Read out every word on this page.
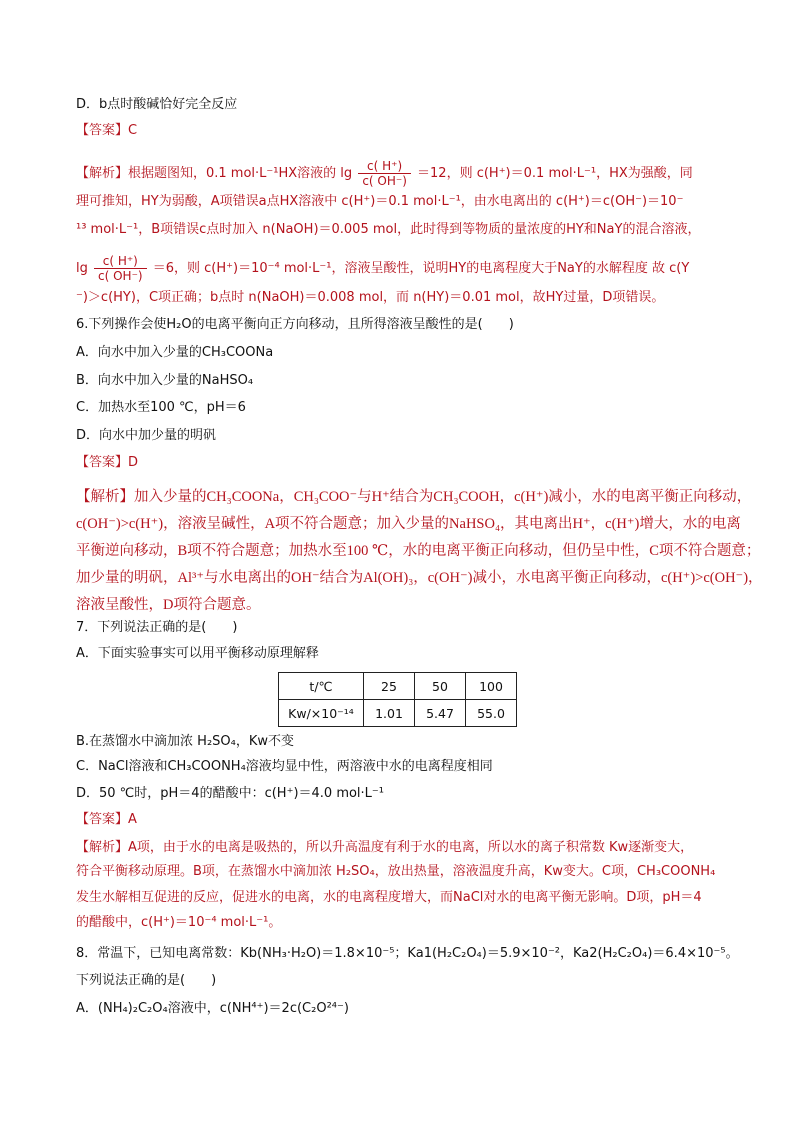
D．b点时酸碱恰好完全反应
【答案】C
【解析】根据题图知，0.1 mol·L⁻¹HX溶液的 $\lg \frac{c( H^+)}{c( OH^-)} =12$，则 c(H⁺)＝0.1 mol·L⁻¹，HX为强酸，同
理可推知，HY为弱酸，A项错误a点HX溶液中 c(H⁺)＝0.1 mol·L⁻¹，由水电离出的 c(H⁺)＝c(OH⁻)＝10⁻
¹³ mol·L⁻¹，B项错误c点时加入 n(NaOH)＝0.005 mol，此时得到等物质的量浓度的HY和NaY的混合溶液，
$\lg \frac{c( H^+)}{c( OH^-)} =6$，则 c(H⁺)＝10⁻⁴ mol·L⁻¹，溶液呈酸性，说明HY的电离程度大于NaY的水解程度 故 c(Y
⁻)＞c(HY)，C项正确；b点时 n(NaOH)＝0.008 mol，而 n(HY)＝0.01 mol，故HY过量，D项错误。
6.下列操作会使H₂O的电离平衡向正方向移动，且所得溶液呈酸性的是(　　)
A．向水中加入少量的CH₃COONa
B．向水中加入少量的NaHSO₄
C．加热水至100 ℃，pH＝6
D．向水中加少量的明矾
【答案】D
【解析】加入少量的CH₃COONa，CH₃COO⁻与H⁺结合为CH₃COOH，c(H⁺)减小，水的电离平衡正向移动，
c(OH⁻)>c(H⁺)，溶液呈碱性，A项不符合题意；加入少量的NaHSO₄，其电离出H⁺，c(H⁺)增大，水的电离
平衡逆向移动，B项不符合题意；加热水至100 ℃，水的电离平衡正向移动，但仍呈中性，C项不符合题意；
加少量的明矾，Al³⁺与水电离出的OH⁻结合为Al(OH)₃，c(OH⁻)减小，水电离平衡正向移动，c(H⁺)>c(OH⁻)，
溶液呈酸性，D项符合题意。
7．下列说法正确的是(　　)
A．下面实验事实可以用平衡移动原理解释
t/℃	25	50	100
Kw/×10⁻¹⁴	1.01	5.47	55.0
B.在蒸馏水中滴加浓 H₂SO₄，Kw不变
C．NaCl溶液和CH₃COONH₄溶液均显中性，两溶液中水的电离程度相同
D．50 ℃时，pH＝4的醋酸中：c(H⁺)＝4.0 mol·L⁻¹
【答案】A
【解析】A项，由于水的电离是吸热的，所以升高温度有利于水的电离，所以水的离子积常数 Kw逐渐变大，
符合平衡移动原理。B项，在蒸馏水中滴加浓 H₂SO₄，放出热量，溶液温度升高，Kw变大。C项，CH₃COONH₄
发生水解相互促进的反应，促进水的电离，水的电离程度增大，而NaCl对水的电离平衡无影响。D项，pH＝4
的醋酸中，c(H⁺)＝10⁻⁴ mol·L⁻¹。
8．常温下，已知电离常数：Kb(NH₃·H₂O)＝1.8×10⁻⁵；Ka1(H₂C₂O₄)＝5.9×10⁻²，Ka2(H₂C₂O₄)＝6.4×10⁻⁵。
下列说法正确的是(　　)
A．(NH₄)₂C₂O₄溶液中，c(NH⁴⁺)＝2c(C₂O²⁴⁻)
